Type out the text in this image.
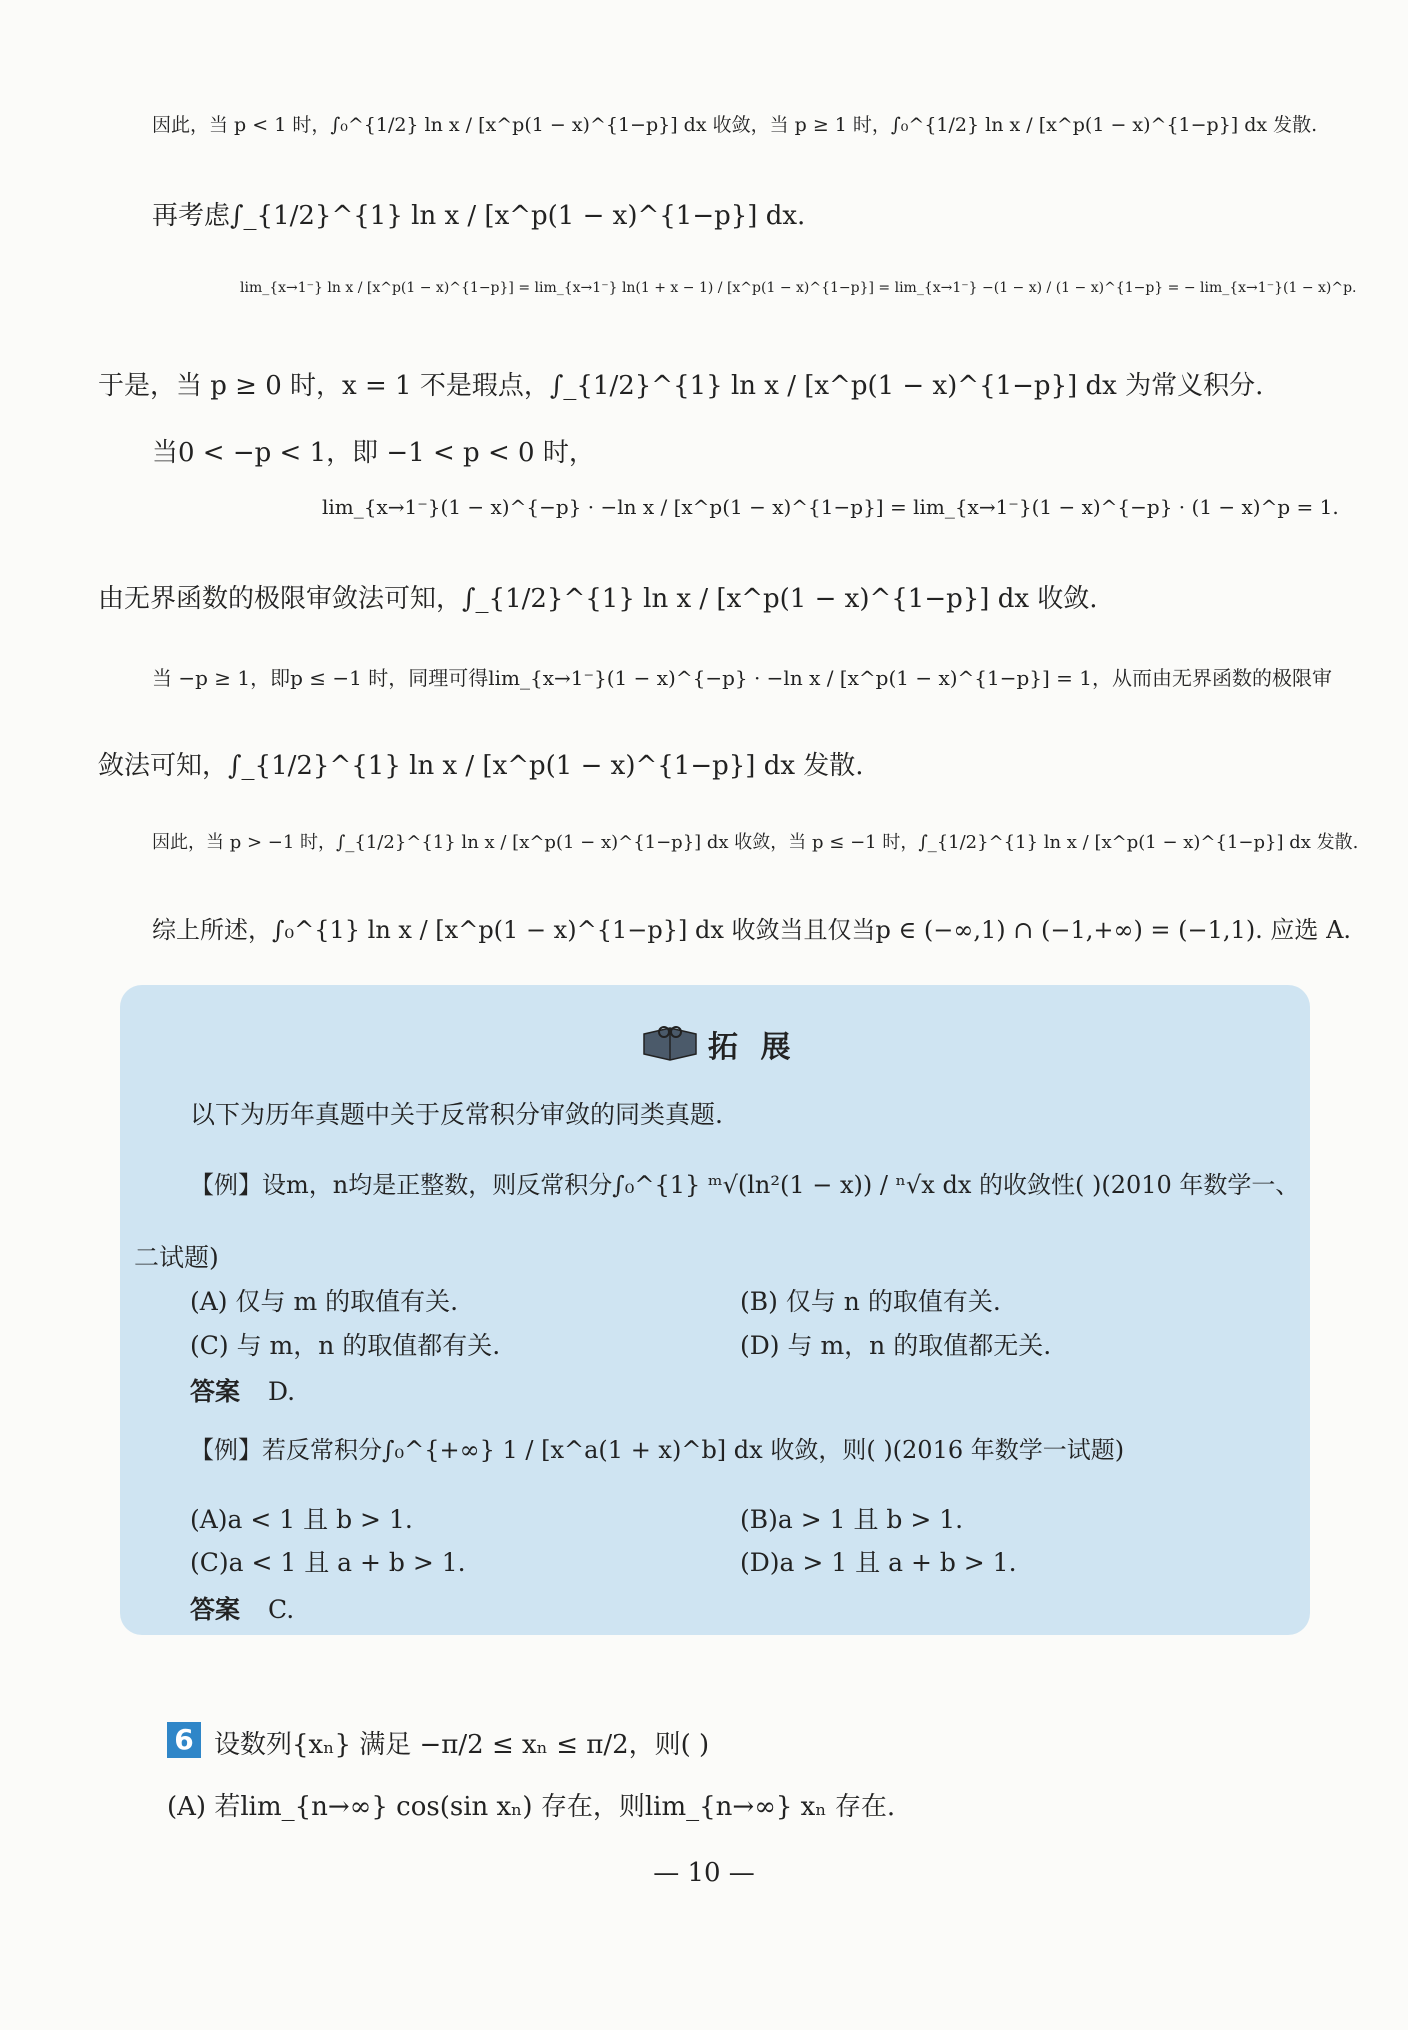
因此，当 p < 1 时，∫₀^{1/2} ln x / [x^p(1 − x)^{1−p}] dx 收敛，当 p ≥ 1 时，∫₀^{1/2} ln x / [x^p(1 − x)^{1−p}] dx 发散.
再考虑∫_{1/2}^{1} ln x / [x^p(1 − x)^{1−p}] dx.
lim_{x→1⁻} ln x / [x^p(1 − x)^{1−p}] = lim_{x→1⁻} ln(1 + x − 1) / [x^p(1 − x)^{1−p}] = lim_{x→1⁻} −(1 − x) / (1 − x)^{1−p} = − lim_{x→1⁻}(1 − x)^p.
于是，当 p ≥ 0 时，x = 1 不是瑕点，∫_{1/2}^{1} ln x / [x^p(1 − x)^{1−p}] dx 为常义积分.
当0 < −p < 1，即 −1 < p < 0 时，
lim_{x→1⁻}(1 − x)^{−p} · −ln x / [x^p(1 − x)^{1−p}] = lim_{x→1⁻}(1 − x)^{−p} · (1 − x)^p = 1.
由无界函数的极限审敛法可知，∫_{1/2}^{1} ln x / [x^p(1 − x)^{1−p}] dx 收敛.
当 −p ≥ 1，即p ≤ −1 时，同理可得lim_{x→1⁻}(1 − x)^{−p} · −ln x / [x^p(1 − x)^{1−p}] = 1，从而由无界函数的极限审
敛法可知，∫_{1/2}^{1} ln x / [x^p(1 − x)^{1−p}] dx 发散.
因此，当 p > −1 时，∫_{1/2}^{1} ln x / [x^p(1 − x)^{1−p}] dx 收敛，当 p ≤ −1 时，∫_{1/2}^{1} ln x / [x^p(1 − x)^{1−p}] dx 发散.
综上所述，∫₀^{1} ln x / [x^p(1 − x)^{1−p}] dx 收敛当且仅当p ∈ (−∞,1) ∩ (−1,+∞) = (−1,1). 应选 A.
拓 展
以下为历年真题中关于反常积分审敛的同类真题.
【例】设m，n均是正整数，则反常积分∫₀^{1} ᵐ√(ln²(1 − x)) / ⁿ√x dx 的收敛性( )(2010 年数学一、
二试题)
(A) 仅与 m 的取值有关.	(B) 仅与 n 的取值有关.
(C) 与 m，n 的取值都有关.	(D) 与 m，n 的取值都无关.
答案 D.
【例】若反常积分∫₀^{+∞} 1 / [x^a(1 + x)^b] dx 收敛，则( )(2016 年数学一试题)
(A)a < 1 且 b > 1.	(B)a > 1 且 b > 1.
(C)a < 1 且 a + b > 1.	(D)a > 1 且 a + b > 1.
答案 C.
6 设数列{xₙ} 满足 −π/2 ≤ xₙ ≤ π/2，则( )
(A) 若lim_{n→∞} cos(sin xₙ) 存在，则lim_{n→∞} xₙ 存在.
— 10 —
